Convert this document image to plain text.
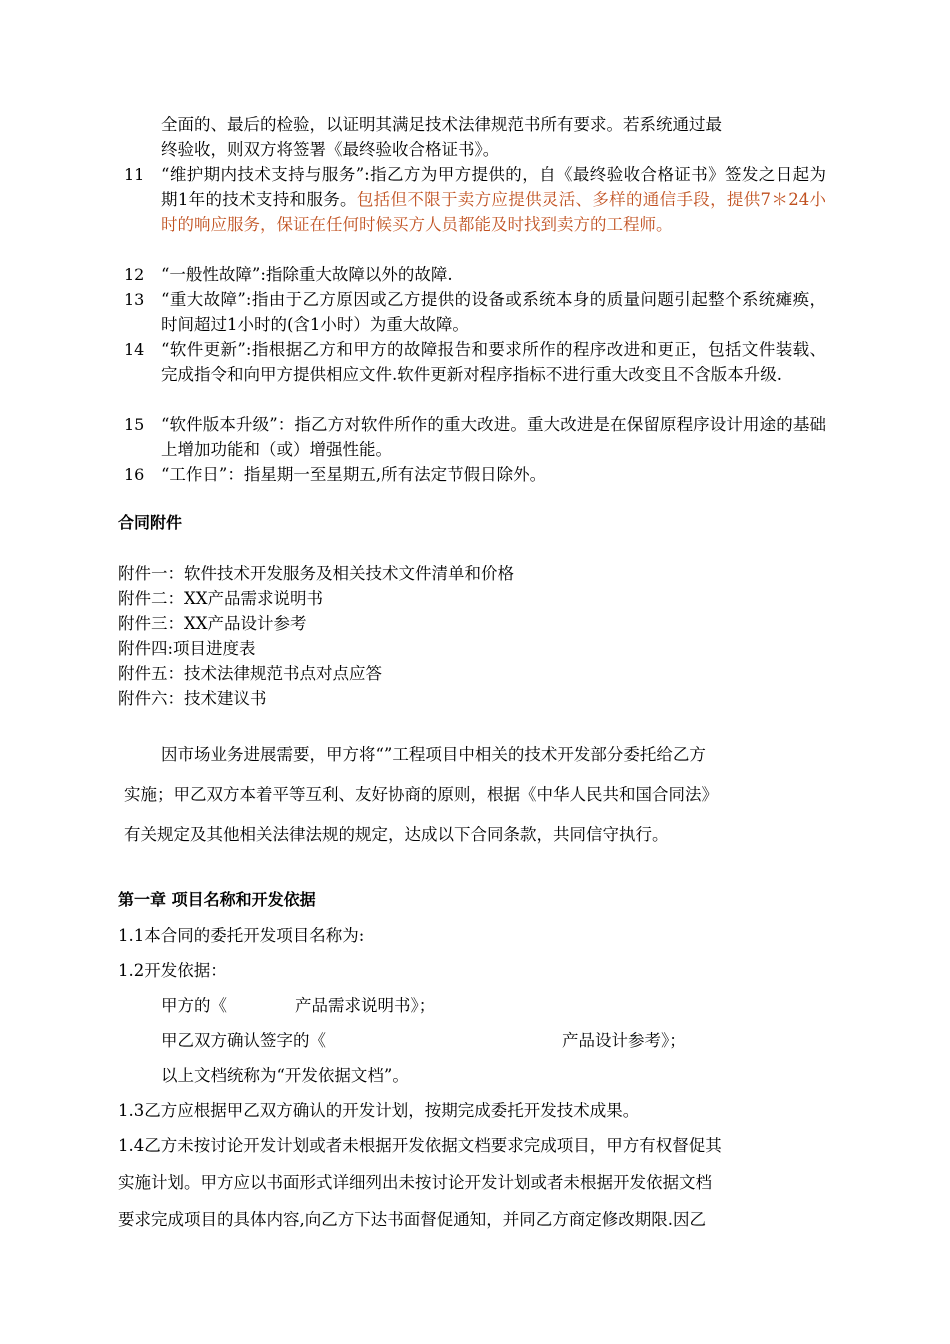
全面的、最后的检验，以证明其满足技术法律规范书所有要求。若系统通过最
终验收，则双方将签署《最终验收合格证书》。
11 “维护期内技术支持与服务”:指乙方为甲方提供的，自《最终验收合格证书》签发之日起为期1年的技术支持和服务。包括但不限于卖方应提供灵活、多样的通信手段，提供7＊24小时的响应服务，保证在任何时候买方人员都能及时找到卖方的工程师。
12 “一般性故障”:指除重大故障以外的故障.
13 “重大故障”:指由于乙方原因或乙方提供的设备或系统本身的质量问题引起整个系统瘫痪，时间超过1小时的(含1小时）为重大故障。
14 “软件更新”:指根据乙方和甲方的故障报告和要求所作的程序改进和更正，包括文件装载、完成指令和向甲方提供相应文件.软件更新对程序指标不进行重大改变且不含版本升级.
15 “软件版本升级”：指乙方对软件所作的重大改进。重大改进是在保留原程序设计用途的基础上增加功能和（或）增强性能。
16 “工作日”：指星期一至星期五,所有法定节假日除外。
合同附件
附件一：软件技术开发服务及相关技术文件清单和价格
附件二：XX产品需求说明书
附件三：XX产品设计参考
附件四:项目进度表
附件五：技术法律规范书点对点应答
附件六：技术建议书
因市场业务进展需要，甲方将“”工程项目中相关的技术开发部分委托给乙方
实施；甲乙双方本着平等互利、友好协商的原则，根据《中华人民共和国合同法》
有关规定及其他相关法律法规的规定，达成以下合同条款，共同信守执行。
第一章 项目名称和开发依据
1.1本合同的委托开发项目名称为:
1.2开发依据：
甲方的《	产品需求说明书》；
甲乙双方确认签字的《	产品设计参考》；
以上文档统称为“开发依据文档”。
1.3乙方应根据甲乙双方确认的开发计划，按期完成委托开发技术成果。
1.4乙方未按讨论开发计划或者未根据开发依据文档要求完成项目，甲方有权督促其
实施计划。甲方应以书面形式详细列出未按讨论开发计划或者未根据开发依据文档
要求完成项目的具体内容,向乙方下达书面督促通知，并同乙方商定修改期限.因乙
